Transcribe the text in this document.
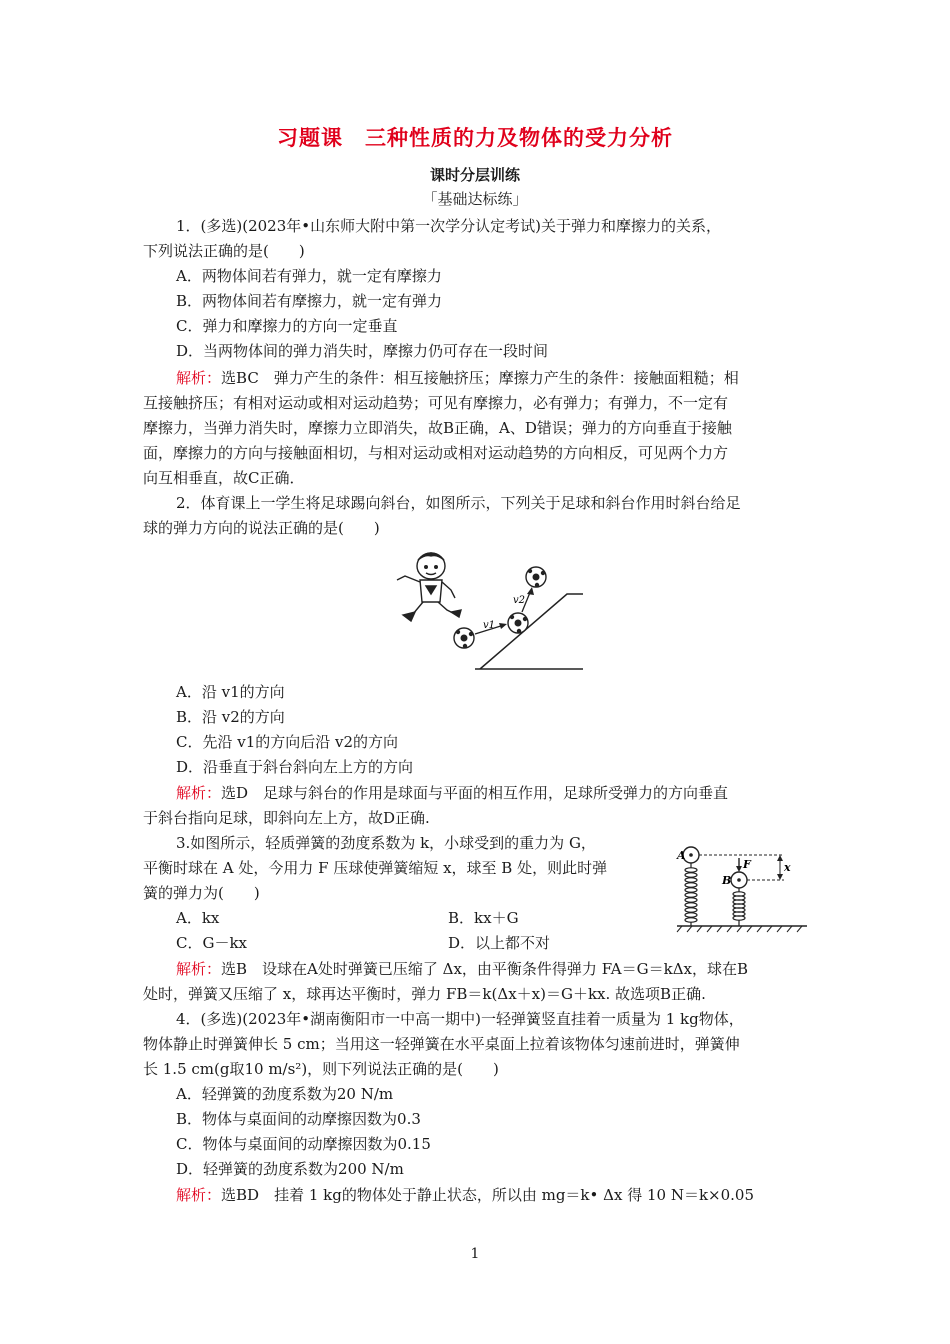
习题课　三种性质的力及物体的受力分析
课时分层训练
「基础达标练」
1．(多选)(2023年•山东师大附中第一次学分认定考试)关于弹力和摩擦力的关系，
下列说法正确的是(　　)
A．两物体间若有弹力，就一定有摩擦力
B．两物体间若有摩擦力，就一定有弹力
C．弹力和摩擦力的方向一定垂直
D．当两物体间的弹力消失时，摩擦力仍可存在一段时间
解析：选BC　弹力产生的条件：相互接触挤压；摩擦力产生的条件：接触面粗糙；相
互接触挤压；有相对运动或相对运动趋势；可见有摩擦力，必有弹力；有弹力，不一定有
摩擦力，当弹力消失时，摩擦力立即消失，故B正确，A、D错误；弹力的方向垂直于接触
面，摩擦力的方向与接触面相切，与相对运动或相对运动趋势的方向相反，可见两个力方
向互相垂直，故C正确．
2．体育课上一学生将足球踢向斜台，如图所示，下列关于足球和斜台作用时斜台给足
球的弹力方向的说法正确的是(　　)
v1
v2
A．沿 v1的方向
B．沿 v2的方向
C．先沿 v1的方向后沿 v2的方向
D．沿垂直于斜台斜向左上方的方向
解析：选D　足球与斜台的作用是球面与平面的相互作用，足球所受弹力的方向垂直
于斜台指向足球，即斜向左上方，故D正确.
3.如图所示，轻质弹簧的劲度系数为 k，小球受到的重力为 G，
平衡时球在 A 处，今用力 F 压球使弹簧缩短 x，球至 B 处，则此时弹
簧的弹力为(　　)
A．kx	B．kx＋G
C．G－kx	D．以上都不对
A
B
F	x
解析：选B　设球在A处时弹簧已压缩了 Δx，由平衡条件得弹力 FA＝G＝kΔx，球在B
处时，弹簧又压缩了 x，球再达平衡时，弹力 FB＝k(Δx＋x)＝G＋kx. 故选项B正确.
4．(多选)(2023年•湖南衡阳市一中高一期中)一轻弹簧竖直挂着一质量为 1 kg物体，
物体静止时弹簧伸长 5 cm；当用这一轻弹簧在水平桌面上拉着该物体匀速前进时，弹簧伸
长 1.5 cm(g取10 m/s²)，则下列说法正确的是(　　)
A．轻弹簧的劲度系数为20 N/m
B．物体与桌面间的动摩擦因数为0.3
C．物体与桌面间的动摩擦因数为0.15
D．轻弹簧的劲度系数为200 N/m
解析：选BD　挂着 1 kg的物体处于静止状态，所以由 mg＝k• Δx 得 10 N＝k×0.05
1
